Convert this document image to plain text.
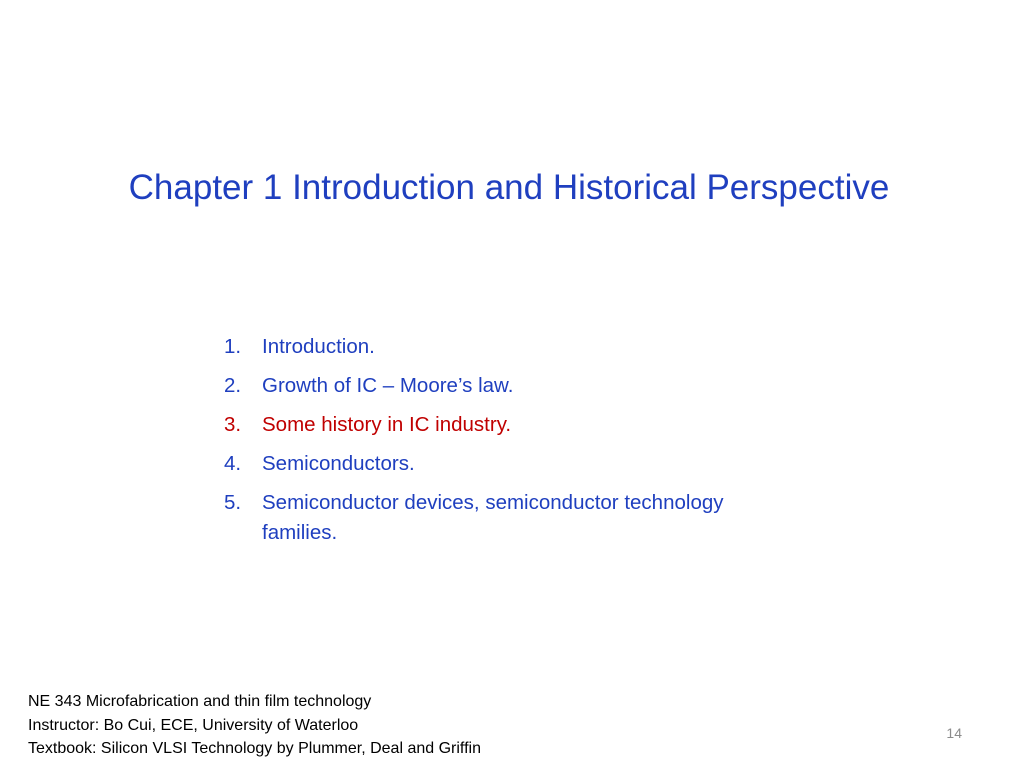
Chapter 1 Introduction and Historical Perspective
1. Introduction.
2. Growth of IC – Moore’s law.
3. Some history in IC industry.
4. Semiconductors.
5. Semiconductor devices, semiconductor technology families.
NE 343 Microfabrication and thin film technology
Instructor: Bo Cui, ECE, University of Waterloo
Textbook: Silicon VLSI Technology by Plummer, Deal and Griffin
14
